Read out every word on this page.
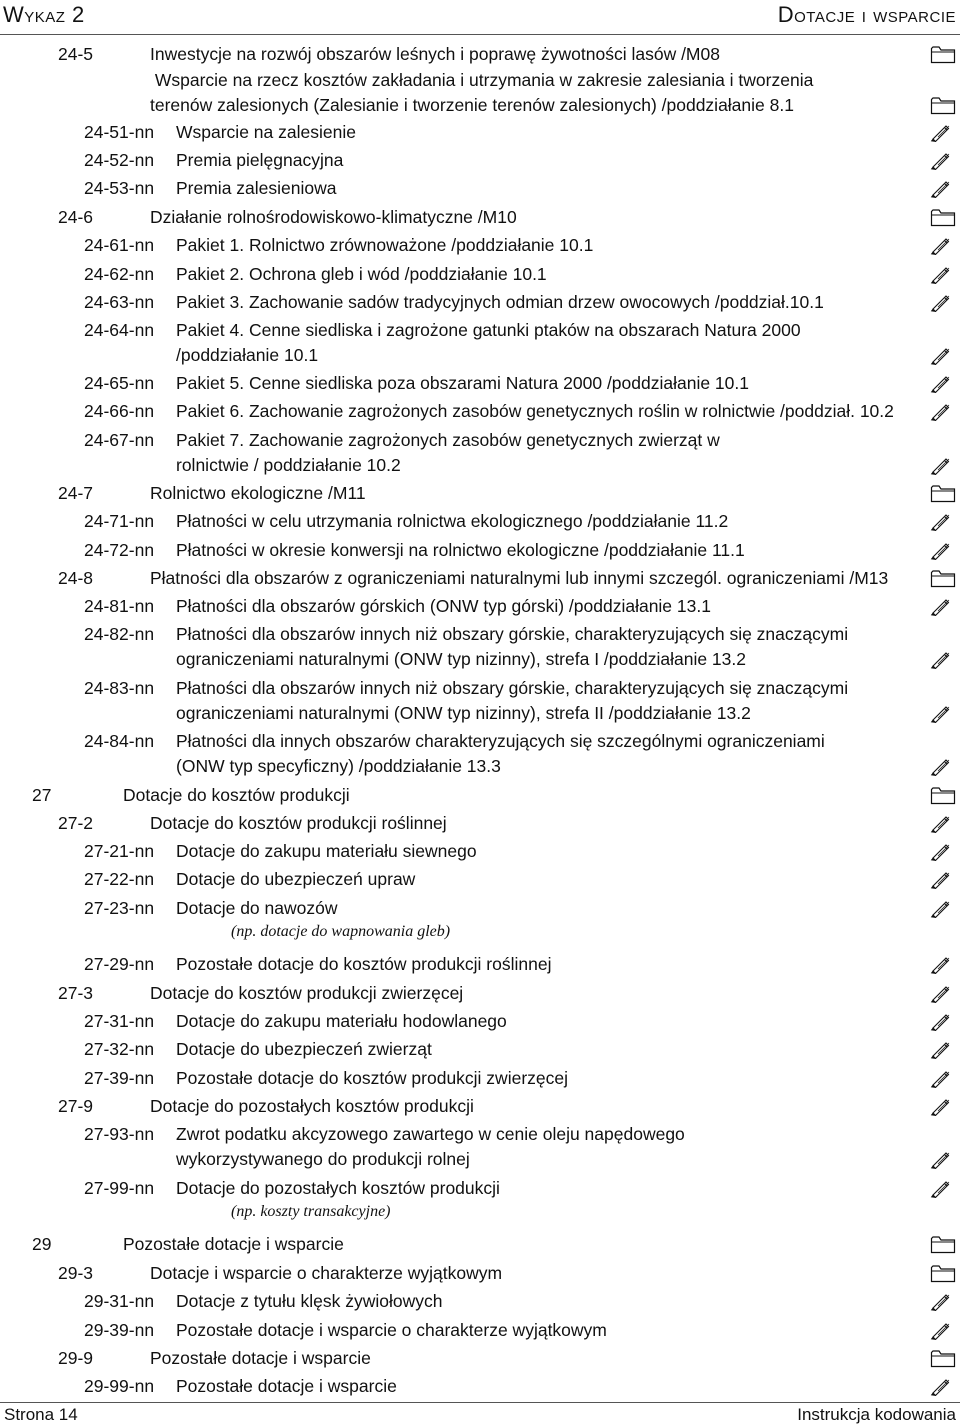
Wykaz 2	Dotacje i wsparcie
24-5	Inwestycje na rozwój obszarów leśnych i poprawę żywotności lasów /M08
Wsparcie na rzecz kosztów zakładania i utrzymania w zakresie zalesiania i tworzenia
terenów zalesionych (Zalesianie i tworzenie terenów zalesionych) /poddziałanie 8.1
24-51-nn Wsparcie na zalesienie
24-52-nn Premia pielęgnacyjna
24-53-nn Premia zalesieniowa
24-6	Działanie rolnośrodowiskowo-klimatyczne /M10
24-61-nn Pakiet 1. Rolnictwo zrównoważone /poddziałanie 10.1
24-62-nn Pakiet 2. Ochrona gleb i wód /poddziałanie 10.1
24-63-nn Pakiet 3. Zachowanie sadów tradycyjnych odmian drzew owocowych /poddział.10.1
24-64-nn Pakiet 4. Cenne siedliska i zagrożone gatunki ptaków na obszarach Natura 2000
/poddziałanie 10.1
24-65-nn Pakiet 5. Cenne siedliska poza obszarami Natura 2000 /poddziałanie 10.1
24-66-nn Pakiet 6. Zachowanie zagrożonych zasobów genetycznych roślin w rolnictwie /poddział. 10.2
24-67-nn Pakiet 7. Zachowanie zagrożonych zasobów genetycznych zwierząt w
rolnictwie / poddziałanie 10.2
24-7	Rolnictwo ekologiczne /M11
24-71-nn Płatności w celu utrzymania rolnictwa ekologicznego /poddziałanie 11.2
24-72-nn Płatności w okresie konwersji na rolnictwo ekologiczne /poddziałanie 11.1
24-8	Płatności dla obszarów z ograniczeniami naturalnymi lub innymi szczegól. ograniczeniami /M13
24-81-nn Płatności dla obszarów górskich (ONW typ górski) /poddziałanie 13.1
24-82-nn Płatności dla obszarów innych niż obszary górskie, charakteryzujących się znaczącymi
ograniczeniami naturalnymi (ONW typ nizinny), strefa I /poddziałanie 13.2
24-83-nn Płatności dla obszarów innych niż obszary górskie, charakteryzujących się znaczącymi
ograniczeniami naturalnymi (ONW typ nizinny), strefa II /poddziałanie 13.2
24-84-nn Płatności dla innych obszarów charakteryzujących się szczególnymi ograniczeniami
(ONW typ specyficzny) /poddziałanie 13.3
27	Dotacje do kosztów produkcji
27-2	Dotacje do kosztów produkcji roślinnej
27-21-nn Dotacje do zakupu materiału siewnego
27-22-nn Dotacje do ubezpieczeń upraw
27-23-nn Dotacje do nawozów
(np. dotacje do wapnowania gleb)
27-29-nn Pozostałe dotacje do kosztów produkcji roślinnej
27-3	Dotacje do kosztów produkcji zwierzęcej
27-31-nn Dotacje do zakupu materiału hodowlanego
27-32-nn Dotacje do ubezpieczeń zwierząt
27-39-nn Pozostałe dotacje do kosztów produkcji zwierzęcej
27-9	Dotacje do pozostałych kosztów produkcji
27-93-nn Zwrot podatku akcyzowego zawartego w cenie oleju napędowego
wykorzystywanego do produkcji rolnej
27-99-nn Dotacje do pozostałych kosztów produkcji
(np. koszty transakcyjne)
29	Pozostałe dotacje i wsparcie
29-3	Dotacje i wsparcie o charakterze wyjątkowym
29-31-nn Dotacje z tytułu klęsk żywiołowych
29-39-nn Pozostałe dotacje i wsparcie o charakterze wyjątkowym
29-9	Pozostałe dotacje i wsparcie
29-99-nn Pozostałe dotacje i wsparcie
Strona 14	Instrukcja kodowania
